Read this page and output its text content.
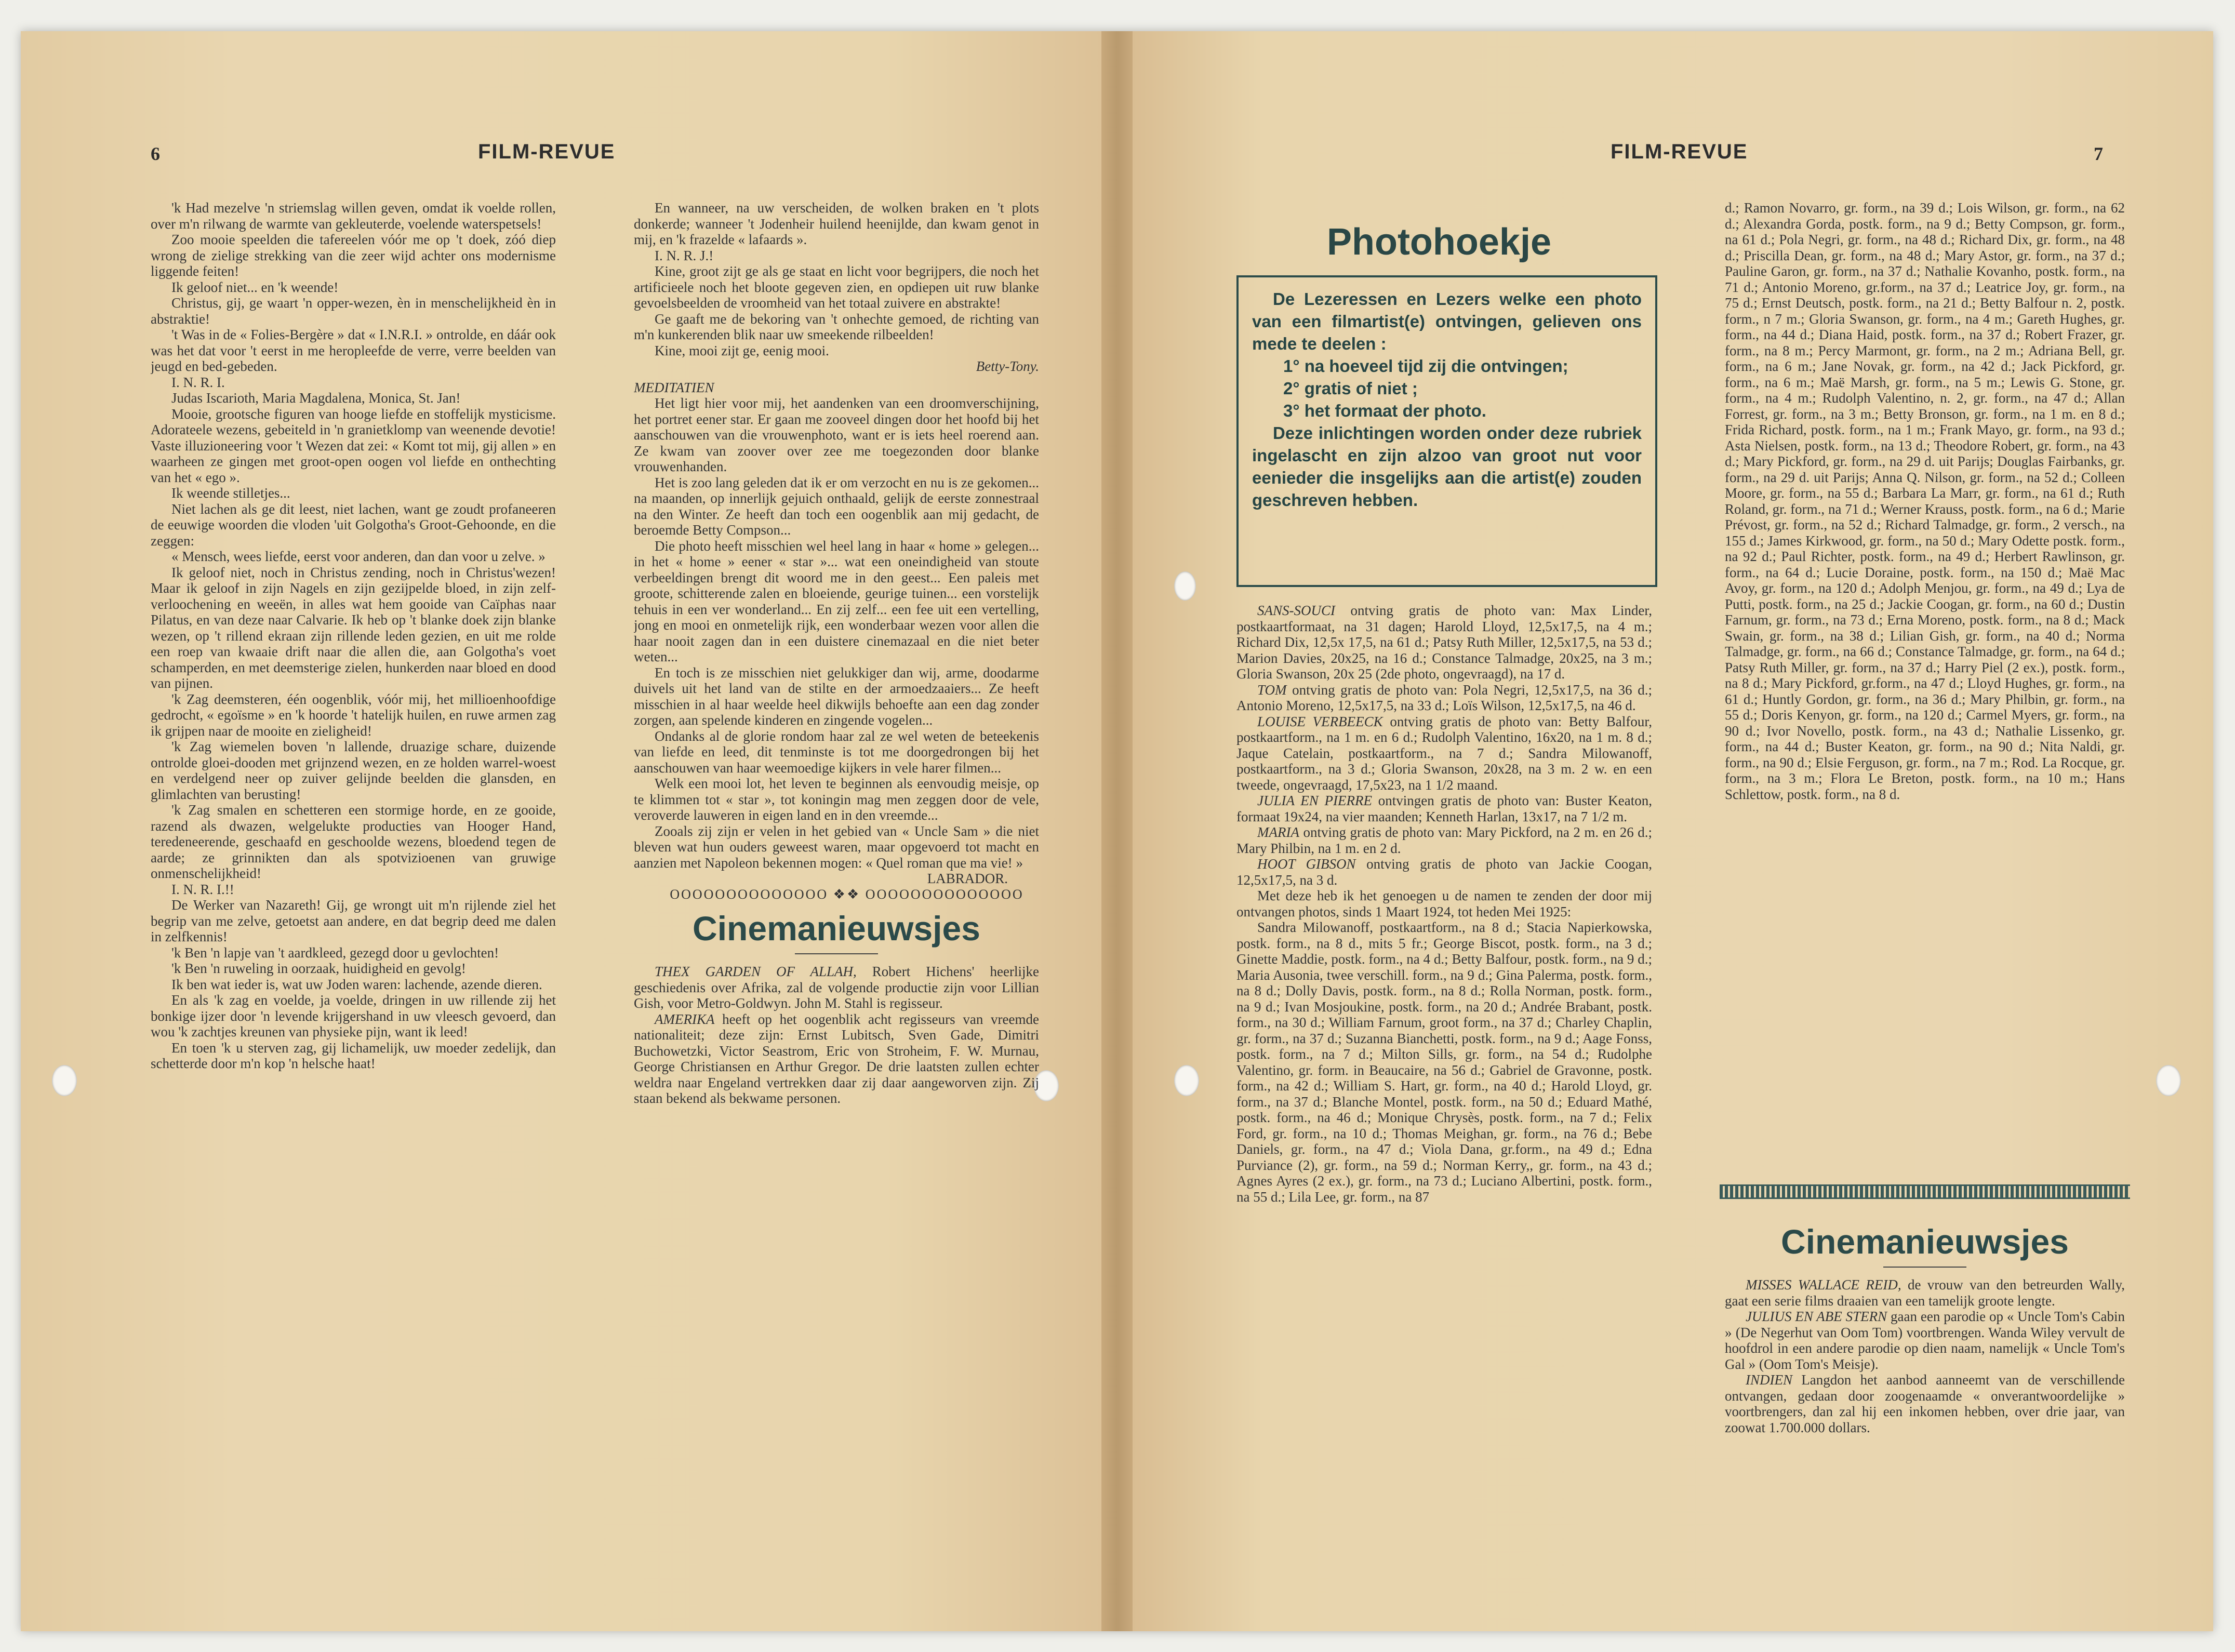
6	FILM-REVUE

'k Had mezelve 'n striemslag willen geven, omdat ik voelde rollen, over m'n rilwang de warmte van gekleuterde, voelende waterspetsels!

Zoo mooie speelden die tafereelen vóór me op 't doek, zóó diep wrong de zielige strekking van die zeer wijd achter ons modernisme liggende feiten!

Ik geloof niet... en 'k weende!

Christus, gij, ge waart 'n opper-wezen, èn in menschelijkheid èn in abstraktie!

't Was in de « Folies-Bergère » dat « I.N.R.I. » ontrolde, en dáár ook was het dat voor 't eerst in me heropleefde de verre, verre beelden van jeugd en bed-gebeden.

I. N. R. I.

Judas Iscarioth, Maria Magdalena, Monica, St. Jan!

Mooie, grootsche figuren van hooge liefde en stoffelijk mysticisme. Adorateele wezens, gebeiteld in 'n granietklomp van weenende devotie! Vaste illuzioneering voor 't Wezen dat zei: « Komt tot mij, gij allen » en waarheen ze gingen met groot-open oogen vol liefde en onthechting van het « ego ».

Ik weende stilletjes...

Niet lachen als ge dit leest, niet lachen, want ge zoudt profaneeren de eeuwige woorden die vloden 'uit Golgotha's Groot-Gehoonde, en die zeggen:

« Mensch, wees liefde, eerst voor anderen, dan dan voor u zelve. »

Ik geloof niet, noch in Christus zending, noch in Christus'wezen! Maar ik geloof in zijn Nagels en zijn gezijpelde bloed, in zijn zelf-verloochening en weeën, in alles wat hem gooide van Caïphas naar Pilatus, en van deze naar Calvarie. Ik heb op 't blanke doek zijn blanke wezen, op 't rillend ekraan zijn rillende leden gezien, en uit me rolde een roep van kwaaie drift naar die allen die, aan Golgotha's voet schamperden, en met deemsterige zielen, hunkerden naar bloed en dood van pijnen.

'k Zag deemsteren, één oogenblik, vóór mij, het millioenhoofdige gedrocht, « egoïsme » en 'k hoorde 't hatelijk huilen, en ruwe armen zag ik grijpen naar de mooite en zieligheid!

'k Zag wiemelen boven 'n lallende, druazige schare, duizende ontrolde gloei-dooden met grijnzend wezen, en ze holden warrel-woest en verdelgend neer op zuiver gelijnde beelden die glansden, en glimlachten van berusting!

'k Zag smalen en schetteren een stormige horde, en ze gooide, razend als dwazen, welgelukte producties van Hooger Hand, teredeneerende, geschaafd en geschoolde wezens, bloedend tegen de aarde; ze grinnikten dan als spotvizioenen van gruwige onmenschelijkheid!

I. N. R. I.!!

De Werker van Nazareth! Gij, ge wrongt uit m'n rijlende ziel het begrip van me zelve, getoetst aan andere, en dat begrip deed me dalen in zelfkennis!

'k Ben 'n lapje van 't aardkleed, gezegd door u gevlochten!

'k Ben 'n ruweling in oorzaak, huidigheid en gevolg!

Ik ben wat ieder is, wat uw Joden waren: lachende, azende dieren.

En als 'k zag en voelde, ja voelde, dringen in uw rillende zij het bonkige ijzer door 'n levende krijgershand in uw vleesch gevoerd, dan wou 'k zachtjes kreunen van physieke pijn, want ik leed!

En toen 'k u sterven zag, gij lichamelijk, uw moeder zedelijk, dan schetterde door m'n kop 'n helsche haat!

En wanneer, na uw verscheiden, de wolken braken en 't plots donkerde; wanneer 't Jodenheir huilend heenijlde, dan kwam genot in mij, en 'k frazelde « lafaards ».

I. N. R. J.!

Kine, groot zijt ge als ge staat en licht voor begrijpers, die noch het artificieele noch het bloote gegeven zien, en opdiepen uit ruw blanke gevoelsbeelden de vroomheid van het totaal zuivere en abstrakte!

Ge gaaft me de bekoring van 't onhechte gemoed, de richting van m'n kunkerenden blik naar uw smeekende rilbeelden!

Kine, mooi zijt ge, eenig mooi.

Betty-Tony.

MEDITATIEN

Het ligt hier voor mij, het aandenken van een droomverschijning, het portret eener star. Er gaan me zooveel dingen door het hoofd bij het aanschouwen van die vrouwenphoto, want er is iets heel roerend aan. Ze kwam van zoover over zee me toegezonden door blanke vrouwenhanden.

Het is zoo lang geleden dat ik er om verzocht en nu is ze gekomen... na maanden, op innerlijk gejuich onthaald, gelijk de eerste zonnestraal na den Winter. Ze heeft dan toch een oogenblik aan mij gedacht, de beroemde Betty Compson...

Die photo heeft misschien wel heel lang in haar « home » gelegen... in het « home » eener « star »... wat een oneindigheid van stoute verbeeldingen brengt dit woord me in den geest... Een paleis met groote, schitterende zalen en bloeiende, geurige tuinen... een vorstelijk tehuis in een ver wonderland... En zij zelf... een fee uit een vertelling, jong en mooi en onmetelijk rijk, een wonderbaar wezen voor allen die haar nooit zagen dan in een duistere cinemazaal en die niet beter weten...

En toch is ze misschien niet gelukkiger dan wij, arme, doodarme duivels uit het land van de stilte en der armoedzaaiers... Ze heeft misschien in al haar weelde heel dikwijls behoefte aan een dag zonder zorgen, aan spelende kinderen en zingende vogelen...

Ondanks al de glorie rondom haar zal ze wel weten de beteekenis van liefde en leed, dit tenminste is tot me doorgedrongen bij het aanschouwen van haar weemoedige kijkers in vele harer filmen...

Welk een mooi lot, het leven te beginnen als eenvoudig meisje, op te klimmen tot « star », tot koningin mag men zeggen door de vele, veroverde lauweren in eigen land en in den vreemde...

Zooals zij zijn er velen in het gebied van « Uncle Sam » die niet bleven wat hun ouders geweest waren, maar opgevoerd tot macht en aanzien met Napoleon bekennen mogen: « Quel roman que ma vie! »

LABRADOR.

OOOOOOOOOOOOOO ❖❖ OOOOOOOOOOOOOO

Cinemanieuwsjes

THEX GARDEN OF ALLAH, Robert Hichens' heerlijke geschiedenis over Afrika, zal de volgende productie zijn voor Lillian Gish, voor Metro-Goldwyn. John M. Stahl is regisseur.

AMERIKA heeft op het oogenblik acht regisseurs van vreemde nationaliteit; deze zijn: Ernst Lubitsch, Sven Gade, Dimitri Buchowetzki, Victor Seastrom, Eric von Stroheim, F. W. Murnau, George Christiansen en Arthur Gregor. De drie laatsten zullen echter weldra naar Engeland vertrekken daar zij daar aangeworven zijn. Zij staan bekend als bekwame personen.

FILM-REVUE	7
Photohoekje
De Lezeressen en Lezers welke een photo van een filmartist(e) ontvingen, gelieven ons mede te deelen :
1° na hoeveel tijd zij die ontvingen;
2° gratis of niet ;
3° het formaat der photo.
Deze inlichtingen worden onder deze rubriek ingelascht en zijn alzoo van groot nut voor eenieder die insgelijks aan die artist(e) zouden geschreven hebben.

SANS-SOUCI ontving gratis de photo van: Max Linder, postkaartformaat, na 31 dagen; Harold Lloyd, 12,5x17,5, na 4 m.; Richard Dix, 12,5x 17,5, na 61 d.; Patsy Ruth Miller, 12,5x17,5, na 53 d.; Marion Davies, 20x25, na 16 d.; Constance Talmadge, 20x25, na 3 m.; Gloria Swanson, 20x 25 (2de photo, ongevraagd), na 17 d.

TOM ontving gratis de photo van: Pola Negri, 12,5x17,5, na 36 d.; Antonio Moreno, 12,5x17,5, na 33 d.; Loïs Wilson, 12,5x17,5, na 46 d.

LOUISE VERBEECK ontving gratis de photo van: Betty Balfour, postkaartform., na 1 m. en 6 d.; Rudolph Valentino, 16x20, na 1 m. 8 d.; Jaque Catelain, postkaartform., na 7 d.; Sandra Milowanoff, postkaartform., na 3 d.; Gloria Swanson, 20x28, na 3 m. 2 w. en een tweede, ongevraagd, 17,5x23, na 1 1/2 maand.

JULIA EN PIERRE ontvingen gratis de photo van: Buster Keaton, formaat 19x24, na vier maanden; Kenneth Harlan, 13x17, na 7 1/2 m.

MARIA ontving gratis de photo van: Mary Pickford, na 2 m. en 26 d.; Mary Philbin, na 1 m. en 2 d.

HOOT GIBSON ontving gratis de photo van Jackie Coogan, 12,5x17,5, na 3 d.

Met deze heb ik het genoegen u de namen te zenden der door mij ontvangen photos, sinds 1 Maart 1924, tot heden Mei 1925:

Sandra Milowanoff, postkaartform., na 8 d.; Stacia Napierkowska, postk. form., na 8 d., mits 5 fr.; George Biscot, postk. form., na 3 d.; Ginette Maddie, postk. form., na 4 d.; Betty Balfour, postk. form., na 9 d.; Maria Ausonia, twee verschill. form., na 9 d.; Gina Palerma, postk. form., na 8 d.; Dolly Davis, postk. form., na 8 d.; Rolla Norman, postk. form., na 9 d.; Ivan Mosjoukine, postk. form., na 20 d.; Andrée Brabant, postk. form., na 30 d.; William Farnum, groot form., na 37 d.; Charley Chaplin, gr. form., na 37 d.; Suzanna Bianchetti, postk. form., na 9 d.; Aage Fonss, postk. form., na 7 d.; Milton Sills, gr. form., na 54 d.; Rudolphe Valentino, gr. form. in Beaucaire, na 56 d.; Gabriel de Gravonne, postk. form., na 42 d.; William S. Hart, gr. form., na 40 d.; Harold Lloyd, gr. form., na 37 d.; Blanche Montel, postk. form., na 50 d.; Eduard Mathé, postk. form., na 46 d.; Monique Chrysès, postk. form., na 7 d.; Felix Ford, gr. form., na 10 d.; Thomas Meighan, gr. form., na 76 d.; Bebe Daniels, gr. form., na 47 d.; Viola Dana, gr.form., na 49 d.; Edna Purviance (2), gr. form., na 59 d.; Norman Kerry,, gr. form., na 43 d.; Agnes Ayres (2 ex.), gr. form., na 73 d.; Luciano Albertini, postk. form., na 55 d.; Lila Lee, gr. form., na 87

d.; Ramon Novarro, gr. form., na 39 d.; Lois Wilson, gr. form., na 62 d.; Alexandra Gorda, postk. form., na 9 d.; Betty Compson, gr. form., na 61 d.; Pola Negri, gr. form., na 48 d.; Richard Dix, gr. form., na 48 d.; Priscilla Dean, gr. form., na 48 d.; Mary Astor, gr. form., na 37 d.; Pauline Garon, gr. form., na 37 d.; Nathalie Kovanho, postk. form., na 71 d.; Antonio Moreno, gr.form., na 37 d.; Leatrice Joy, gr. form., na 75 d.; Ernst Deutsch, postk. form., na 21 d.; Betty Balfour n. 2, postk. form., n 7 m.; Gloria Swanson, gr. form., na 4 m.; Gareth Hughes, gr. form., na 44 d.; Diana Haid, postk. form., na 37 d.; Robert Frazer, gr. form., na 8 m.; Percy Marmont, gr. form., na 2 m.; Adriana Bell, gr. form., na 6 m.; Jane Novak, gr. form., na 42 d.; Jack Pickford, gr. form., na 6 m.; Maë Marsh, gr. form., na 5 m.; Lewis G. Stone, gr. form., na 4 m.; Rudolph Valentino, n. 2, gr. form., na 47 d.; Allan Forrest, gr. form., na 3 m.; Betty Bronson, gr. form., na 1 m. en 8 d.; Frida Richard, postk. form., na 1 m.; Frank Mayo, gr. form., na 93 d.; Asta Nielsen, postk. form., na 13 d.; Theodore Robert, gr. form., na 43 d.; Mary Pickford, gr. form., na 29 d. uit Parijs; Douglas Fairbanks, gr. form., na 29 d. uit Parijs; Anna Q. Nilson, gr. form., na 52 d.; Colleen Moore, gr. form., na 55 d.; Barbara La Marr, gr. form., na 61 d.; Ruth Roland, gr. form., na 71 d.; Werner Krauss, postk. form., na 6 d.; Marie Prévost, gr. form., na 52 d.; Richard Talmadge, gr. form., 2 versch., na 155 d.; James Kirkwood, gr. form., na 50 d.; Mary Odette postk. form., na 92 d.; Paul Richter, postk. form., na 49 d.; Herbert Rawlinson, gr. form., na 64 d.; Lucie Doraine, postk. form., na 150 d.; Maë Mac Avoy, gr. form., na 120 d.; Adolph Menjou, gr. form., na 49 d.; Lya de Putti, postk. form., na 25 d.; Jackie Coogan, gr. form., na 60 d.; Dustin Farnum, gr. form., na 73 d.; Erna Moreno, postk. form., na 8 d.; Mack Swain, gr. form., na 38 d.; Lilian Gish, gr. form., na 40 d.; Norma Talmadge, gr. form., na 66 d.; Constance Talmadge, gr. form., na 64 d.; Patsy Ruth Miller, gr. form., na 37 d.; Harry Piel (2 ex.), postk. form., na 8 d.; Mary Pickford, gr.form., na 47 d.; Lloyd Hughes, gr. form., na 61 d.; Huntly Gordon, gr. form., na 36 d.; Mary Philbin, gr. form., na 55 d.; Doris Kenyon, gr. form., na 120 d.; Carmel Myers, gr. form., na 90 d.; Ivor Novello, postk. form., na 43 d.; Nathalie Lissenko, gr. form., na 44 d.; Buster Keaton, gr. form., na 90 d.; Nita Naldi, gr. form., na 90 d.; Elsie Ferguson, gr. form., na 7 m.; Rod. La Rocque, gr. form., na 3 m.; Flora Le Breton, postk. form., na 10 m.; Hans Schlettow, postk. form., na 8 d.

Cinemanieuwsjes

MISSES WALLACE REID, de vrouw van den betreurden Wally, gaat een serie films draaien van een tamelijk groote lengte.

JULIUS EN ABE STERN gaan een parodie op « Uncle Tom's Cabin » (De Negerhut van Oom Tom) voortbrengen. Wanda Wiley vervult de hoofdrol in een andere parodie op dien naam, namelijk « Uncle Tom's Gal » (Oom Tom's Meisje).

INDIEN Langdon het aanbod aanneemt van de verschillende ontvangen, gedaan door zoogenaamde « onverantwoordelijke » voortbrengers, dan zal hij een inkomen hebben, over drie jaar, van zoowat 1.700.000 dollars.
